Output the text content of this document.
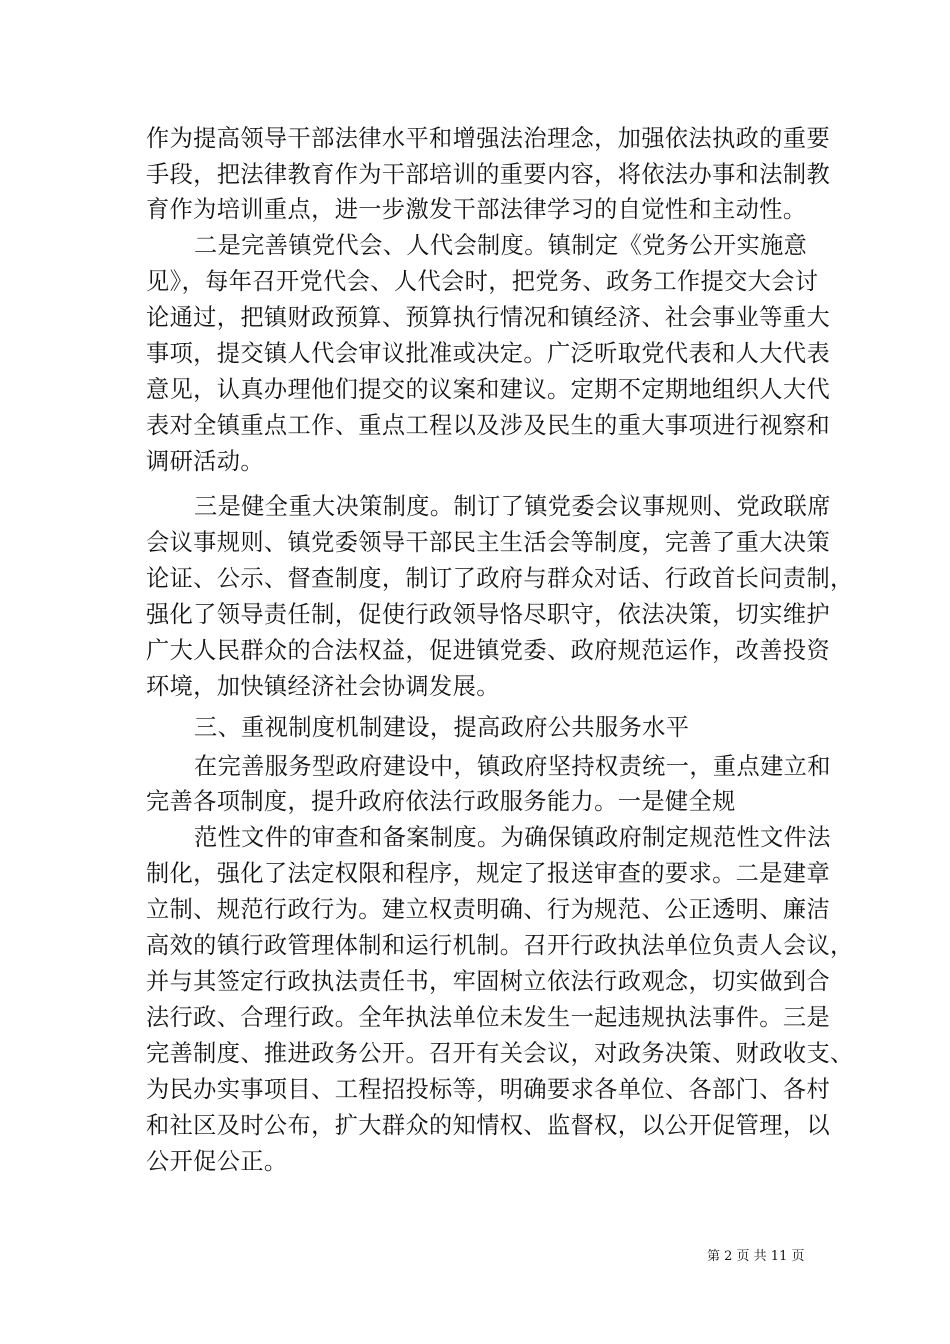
作为提高领导干部法律水平和增强法治理念，加强依法执政的重要
手段，把法律教育作为干部培训的重要内容，将依法办事和法制教
育作为培训重点，进一步激发干部法律学习的自觉性和主动性。
二是完善镇党代会、人代会制度。镇制定《党务公开实施意
见》，每年召开党代会、人代会时，把党务、政务工作提交大会讨
论通过，把镇财政预算、预算执行情况和镇经济、社会事业等重大
事项，提交镇人代会审议批准或决定。广泛听取党代表和人大代表
意见，认真办理他们提交的议案和建议。定期不定期地组织人大代
表对全镇重点工作、重点工程以及涉及民生的重大事项进行视察和
调研活动。
三是健全重大决策制度。制订了镇党委会议事规则、党政联席
会议事规则、镇党委领导干部民主生活会等制度，完善了重大决策
论证、公示、督查制度，制订了政府与群众对话、行政首长问责制，
强化了领导责任制，促使行政领导恪尽职守，依法决策，切实维护
广大人民群众的合法权益，促进镇党委、政府规范运作，改善投资
环境，加快镇经济社会协调发展。
三、重视制度机制建设，提高政府公共服务水平
在完善服务型政府建设中，镇政府坚持权责统一，重点建立和
完善各项制度，提升政府依法行政服务能力。一是健全规
范性文件的审查和备案制度。为确保镇政府制定规范性文件法
制化，强化了法定权限和程序，规定了报送审查的要求。二是建章
立制、规范行政行为。建立权责明确、行为规范、公正透明、廉洁
高效的镇行政管理体制和运行机制。召开行政执法单位负责人会议，
并与其签定行政执法责任书，牢固树立依法行政观念，切实做到合
法行政、合理行政。全年执法单位未发生一起违规执法事件。三是
完善制度、推进政务公开。召开有关会议，对政务决策、财政收支、
为民办实事项目、工程招投标等，明确要求各单位、各部门、各村
和社区及时公布，扩大群众的知情权、监督权，以公开促管理，以
公开促公正。
第 2 页 共 11 页
